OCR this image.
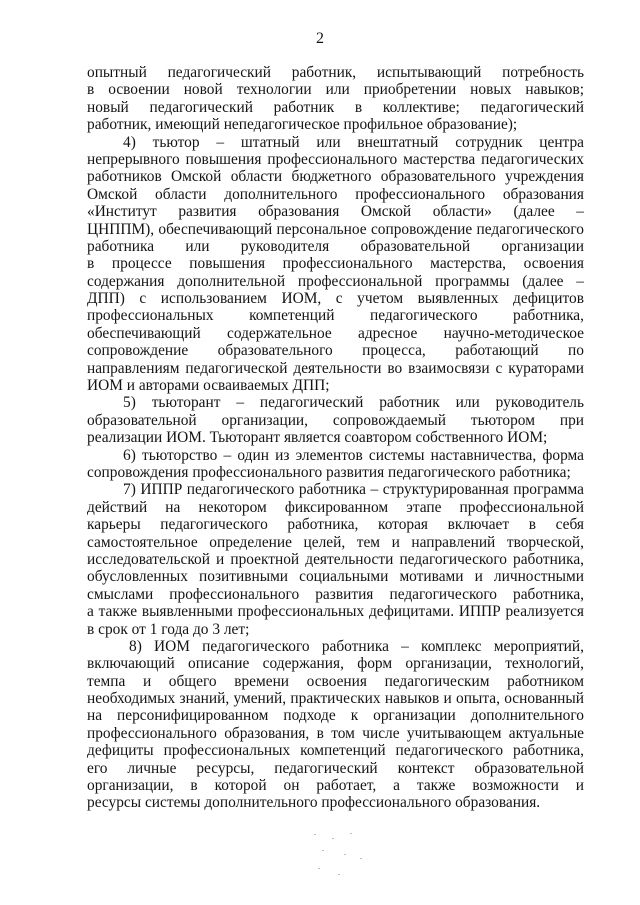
2
опытный педагогический работник, испытывающий потребность
в освоении новой технологии или приобретении новых навыков;
новый педагогический работник в коллективе; педагогический
работник, имеющий непедагогическое профильное образование);
4) тьютор – штатный или внештатный сотрудник центра
непрерывного повышения профессионального мастерства педагогических
работников Омской области бюджетного образовательного учреждения
Омской области дополнительного профессионального образования
«Институт развития образования Омской области» (далее –
ЦНППМ), обеспечивающий персональное сопровождение педагогического
работника или руководителя образовательной организации
в процессе повышения профессионального мастерства, освоения
содержания дополнительной профессиональной программы (далее –
ДПП) с использованием ИОМ, с учетом выявленных дефицитов
профессиональных компетенций педагогического работника,
обеспечивающий содержательное адресное научно-методическое
сопровождение образовательного процесса, работающий по
направлениям педагогической деятельности во взаимосвязи с кураторами
ИОМ и авторами осваиваемых ДПП;
5) тьюторант – педагогический работник или руководитель
образовательной организации, сопровождаемый тьютором при
реализации ИОМ. Тьюторант является соавтором собственного ИОМ;
6) тьюторство – один из элементов системы наставничества, форма
сопровождения профессионального развития педагогического работника;
7) ИППР педагогического работника – структурированная программа
действий на некотором фиксированном этапе профессиональной
карьеры педагогического работника, которая включает в себя
самостоятельное определение целей, тем и направлений творческой,
исследовательской и проектной деятельности педагогического работника,
обусловленных позитивными социальными мотивами и личностными
смыслами профессионального развития педагогического работника,
а также выявленными профессиональных дефицитами. ИППР реализуется
в срок от 1 года до 3 лет;
8) ИОМ педагогического работника – комплекс мероприятий,
включающий описание содержания, форм организации, технологий,
темпа и общего времени освоения педагогическим работником
необходимых знаний, умений, практических навыков и опыта, основанный
на персонифицированном подходе к организации дополнительного
профессионального образования, в том числе учитывающем актуальные
дефициты профессиональных компетенций педагогического работника,
его личные ресурсы, педагогический контекст образовательной
организации, в которой он работает, а также возможности и
ресурсы системы дополнительного профессионального образования.
